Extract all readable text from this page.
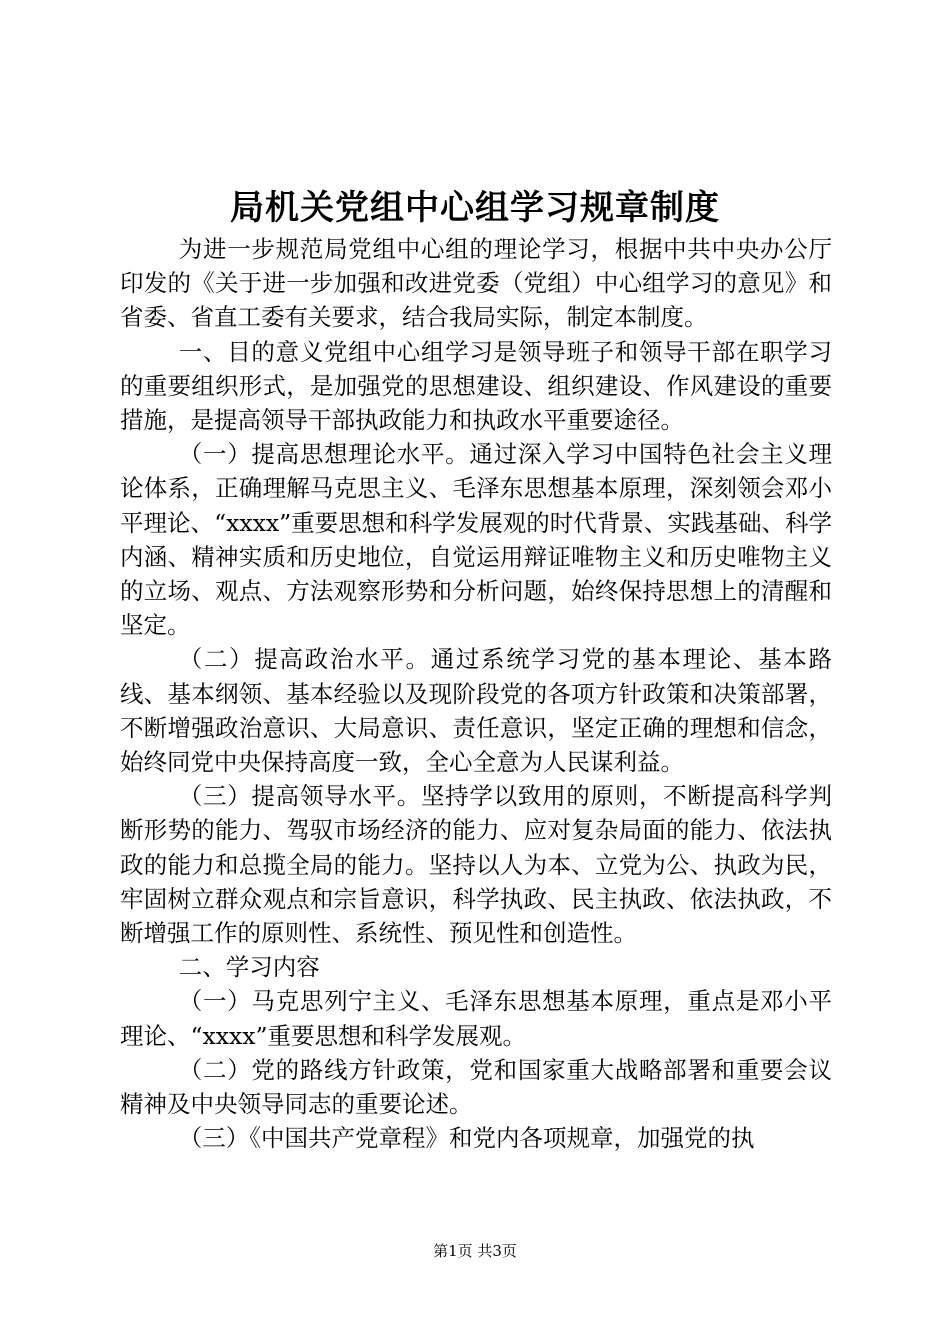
局机关党组中心组学习规章制度

为进一步规范局党组中心组的理论学习，根据中共中央办公厅印发的《关于进一步加强和改进党委（党组）中心组学习的意见》和省委、省直工委有关要求，结合我局实际，制定本制度。

一、目的意义党组中心组学习是领导班子和领导干部在职学习的重要组织形式，是加强党的思想建设、组织建设、作风建设的重要措施，是提高领导干部执政能力和执政水平重要途径。

（一）提高思想理论水平。通过深入学习中国特色社会主义理论体系，正确理解马克思主义、毛泽东思想基本原理，深刻领会邓小平理论、“xxxx”重要思想和科学发展观的时代背景、实践基础、科学内涵、精神实质和历史地位，自觉运用辩证唯物主义和历史唯物主义的立场、观点、方法观察形势和分析问题，始终保持思想上的清醒和坚定。

（二）提高政治水平。通过系统学习党的基本理论、基本路线、基本纲领、基本经验以及现阶段党的各项方针政策和决策部署，不断增强政治意识、大局意识、责任意识，坚定正确的理想和信念，始终同党中央保持高度一致，全心全意为人民谋利益。

（三）提高领导水平。坚持学以致用的原则，不断提高科学判断形势的能力、驾驭市场经济的能力、应对复杂局面的能力、依法执政的能力和总揽全局的能力。坚持以人为本、立党为公、执政为民，牢固树立群众观点和宗旨意识，科学执政、民主执政、依法执政，不断增强工作的原则性、系统性、预见性和创造性。

二、学习内容

（一）马克思列宁主义、毛泽东思想基本原理，重点是邓小平理论、“xxxx”重要思想和科学发展观。

（二）党的路线方针政策，党和国家重大战略部署和重要会议精神及中央领导同志的重要论述。

（三）《中国共产党章程》和党内各项规章，加强党的执

第1页 共3页
